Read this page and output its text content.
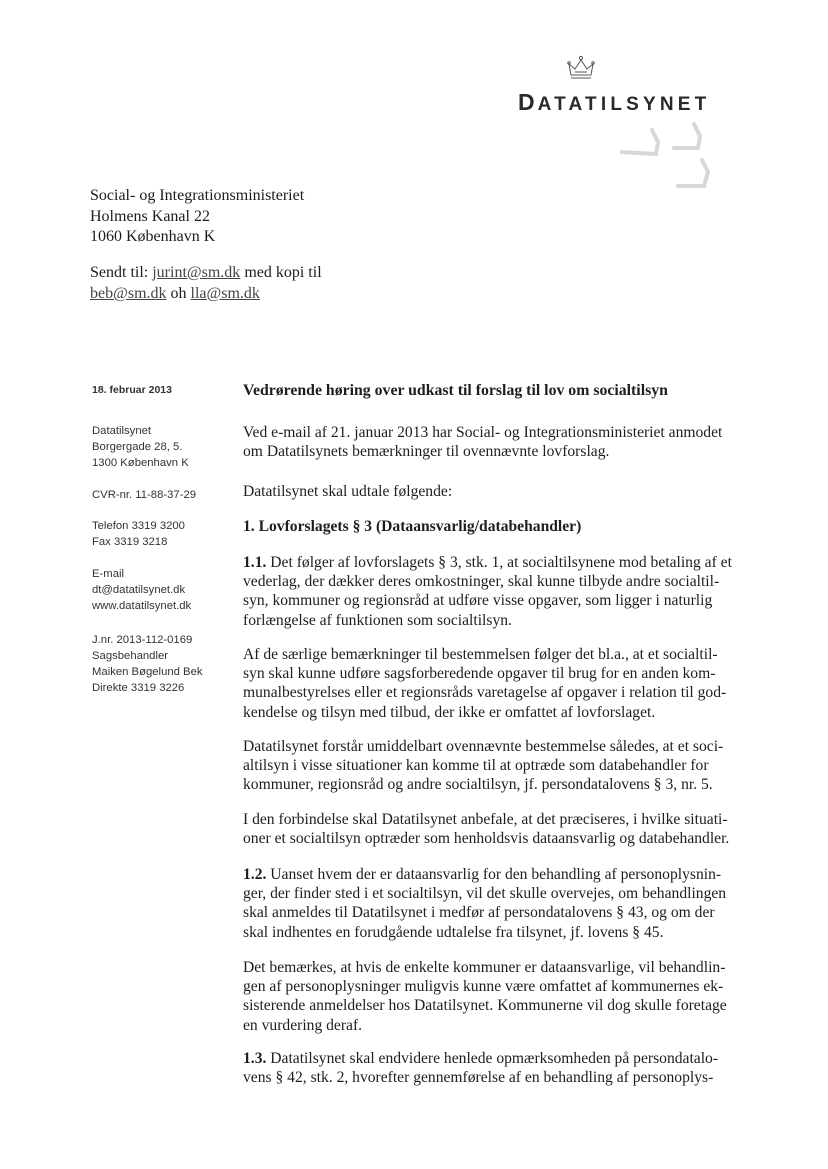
DATATILSYNET
Social- og Integrationsministeriet
Holmens Kanal 22
1060 København K
Sendt til: jurint@sm.dk med kopi til
beb@sm.dk oh lla@sm.dk
18. februar 2013
Datatilsynet
Borgergade 28, 5.
1300 København K
CVR-nr. 11-88-37-29
Telefon 3319 3200
Fax 3319 3218
E-mail
dt@datatilsynet.dk
www.datatilsynet.dk
J.nr. 2013-112-0169
Sagsbehandler
Maiken Bøgelund Bek
Direkte 3319 3226
Vedrørende høring over udkast til forslag til lov om socialtilsyn
Ved e-mail af 21. januar 2013 har Social- og Integrationsministeriet anmodet
om Datatilsynets bemærkninger til ovennævnte lovforslag.
Datatilsynet skal udtale følgende:
1. Lovforslagets § 3 (Dataansvarlig/databehandler)
1.1. Det følger af lovforslagets § 3, stk. 1, at socialtilsynene mod betaling af et
vederlag, der dækker deres omkostninger, skal kunne tilbyde andre socialtil-
syn, kommuner og regionsråd at udføre visse opgaver, som ligger i naturlig
forlængelse af funktionen som socialtilsyn.
Af de særlige bemærkninger til bestemmelsen følger det bl.a., at et socialtil-
syn skal kunne udføre sagsforberedende opgaver til brug for en anden kom-
munalbestyrelses eller et regionsråds varetagelse af opgaver i relation til god-
kendelse og tilsyn med tilbud, der ikke er omfattet af lovforslaget.
Datatilsynet forstår umiddelbart ovennævnte bestemmelse således, at et soci-
altilsyn i visse situationer kan komme til at optræde som databehandler for
kommuner, regionsråd og andre socialtilsyn, jf. persondatalovens § 3, nr. 5.
I den forbindelse skal Datatilsynet anbefale, at det præciseres, i hvilke situati-
oner et socialtilsyn optræder som henholdsvis dataansvarlig og databehandler.
1.2. Uanset hvem der er dataansvarlig for den behandling af personoplysnin-
ger, der finder sted i et socialtilsyn, vil det skulle overvejes, om behandlingen
skal anmeldes til Datatilsynet i medfør af persondatalovens § 43, og om der
skal indhentes en forudgående udtalelse fra tilsynet, jf. lovens § 45.
Det bemærkes, at hvis de enkelte kommuner er dataansvarlige, vil behandlin-
gen af personoplysninger muligvis kunne være omfattet af kommunernes ek-
sisterende anmeldelser hos Datatilsynet. Kommunerne vil dog skulle foretage
en vurdering deraf.
1.3. Datatilsynet skal endvidere henlede opmærksomheden på persondatalo-
vens § 42, stk. 2, hvorefter gennemførelse af en behandling af personoplys-
